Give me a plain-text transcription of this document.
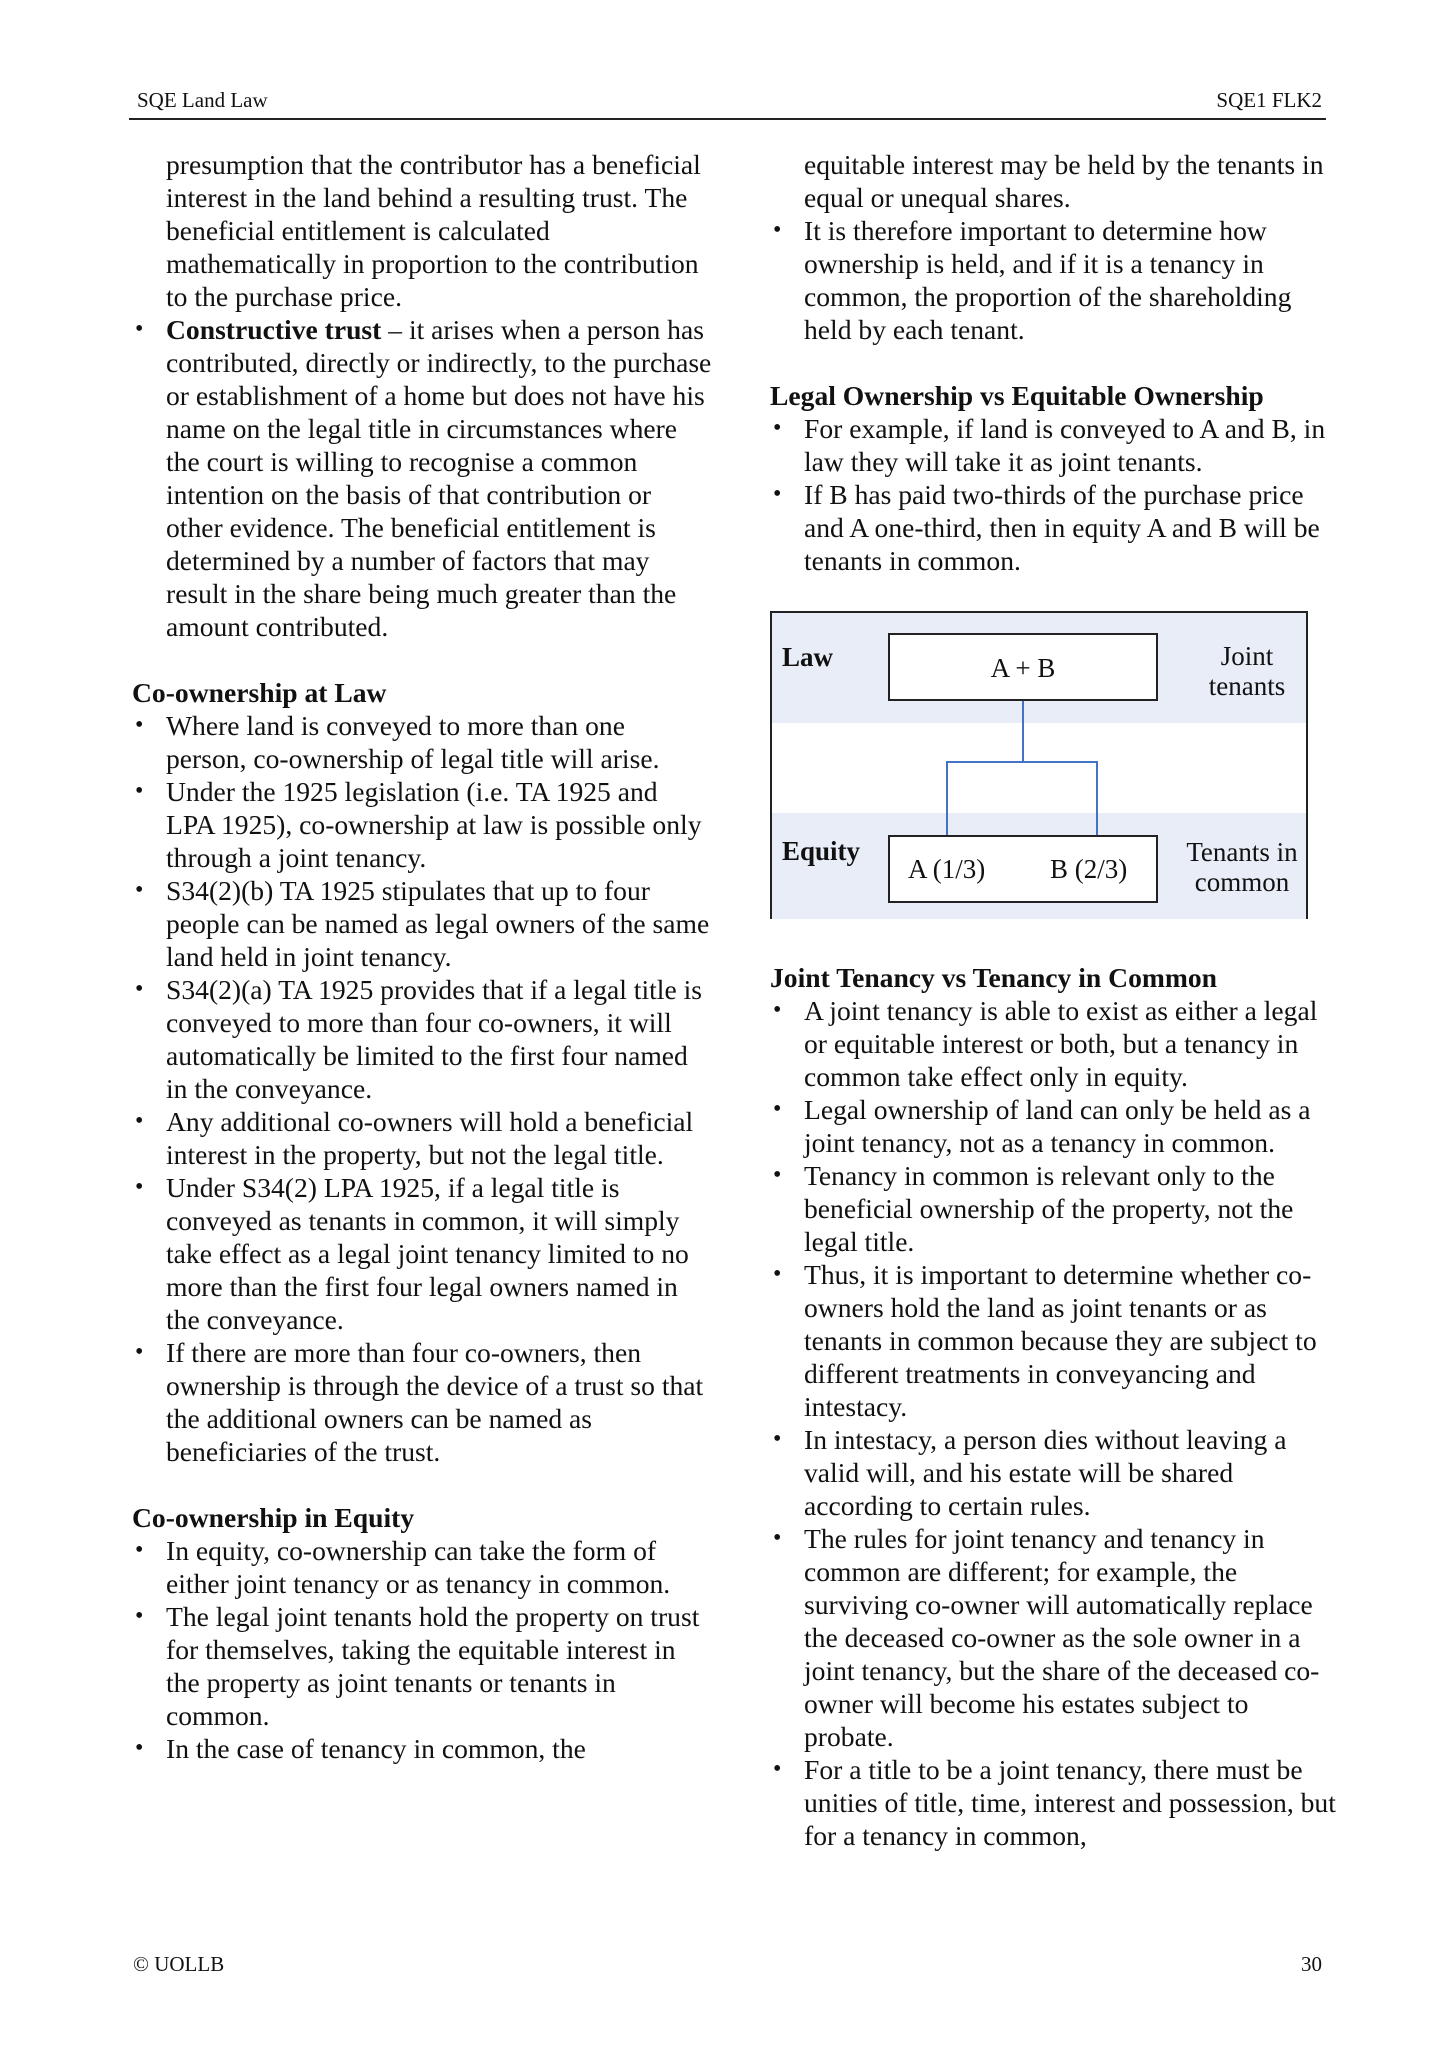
SQE Land Law	SQE1 FLK2

presumption that the contributor has a beneficial interest in the land behind a resulting trust. The beneficial entitlement is calculated mathematically in proportion to the contribution to the purchase price.

• Constructive trust – it arises when a person has contributed, directly or indirectly, to the purchase or establishment of a home but does not have his name on the legal title in circumstances where the court is willing to recognise a common intention on the basis of that contribution or other evidence. The beneficial entitlement is determined by a number of factors that may result in the share being much greater than the amount contributed.

Co-ownership at Law

• Where land is conveyed to more than one person, co-ownership of legal title will arise.
• Under the 1925 legislation (i.e. TA 1925 and LPA 1925), co-ownership at law is possible only through a joint tenancy.
• S34(2)(b) TA 1925 stipulates that up to four people can be named as legal owners of the same land held in joint tenancy.
• S34(2)(a) TA 1925 provides that if a legal title is conveyed to more than four co-owners, it will automatically be limited to the first four named in the conveyance.
• Any additional co-owners will hold a beneficial interest in the property, but not the legal title.
• Under S34(2) LPA 1925, if a legal title is conveyed as tenants in common, it will simply take effect as a legal joint tenancy limited to no more than the first four legal owners named in the conveyance.
• If there are more than four co-owners, then ownership is through the device of a trust so that the additional owners can be named as beneficiaries of the trust.

Co-ownership in Equity

• In equity, co-ownership can take the form of either joint tenancy or as tenancy in common.
• The legal joint tenants hold the property on trust for themselves, taking the equitable interest in the property as joint tenants or tenants in common.
• In the case of tenancy in common, the

equitable interest may be held by the tenants in equal or unequal shares.

• It is therefore important to determine how ownership is held, and if it is a tenancy in common, the proportion of the shareholding held by each tenant.

Legal Ownership vs Equitable Ownership

• For example, if land is conveyed to A and B, in law they will take it as joint tenants.
• If B has paid two-thirds of the purchase price and A one-third, then in equity A and B will be tenants in common.
Law	A + B	Joint
tenants
Equity
A (1/3) B (2/3)
Tenants in
common

Joint Tenancy vs Tenancy in Common

• A joint tenancy is able to exist as either a legal or equitable interest or both, but a tenancy in common take effect only in equity.
• Legal ownership of land can only be held as a joint tenancy, not as a tenancy in common.
• Tenancy in common is relevant only to the beneficial ownership of the property, not the legal title.
• Thus, it is important to determine whether co-owners hold the land as joint tenants or as tenants in common because they are subject to different treatments in conveyancing and intestacy.
• In intestacy, a person dies without leaving a valid will, and his estate will be shared according to certain rules.
• The rules for joint tenancy and tenancy in common are different; for example, the surviving co-owner will automatically replace the deceased co-owner as the sole owner in a joint tenancy, but the share of the deceased co-owner will become his estates subject to probate.
• For a title to be a joint tenancy, there must be unities of title, time, interest and possession, but for a tenancy in common,
© UOLLB	30
